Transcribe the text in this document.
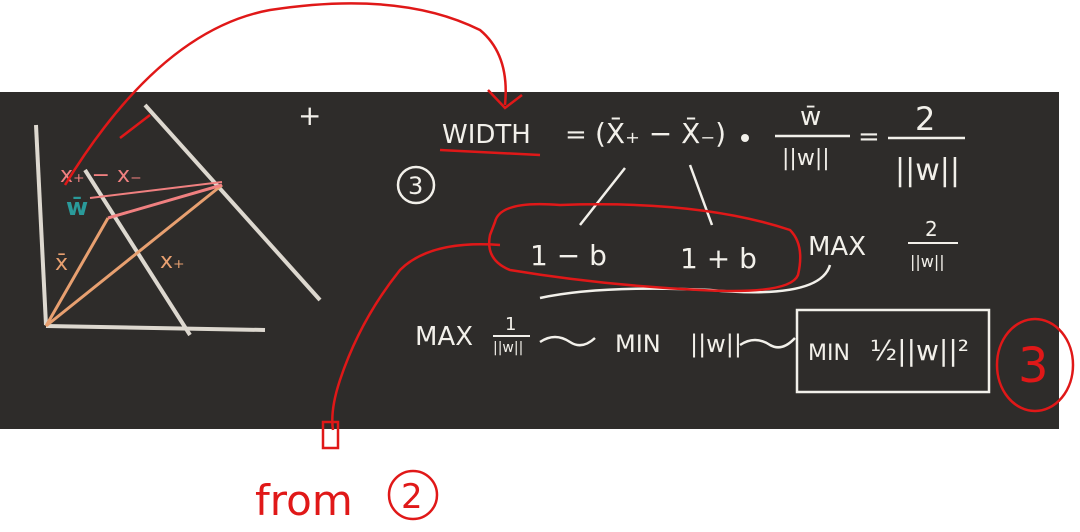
x₊ − x₋
w̄
x̄	x₊
+
3
WIDTH = (X̄₊ − X̄₋)	w̄
||w||
= 2
||w||
1 − b	1 + b MAX
2
||w||
MAX 1
||w||	MIN ||w||	MIN ½||w||²
from 2
3
